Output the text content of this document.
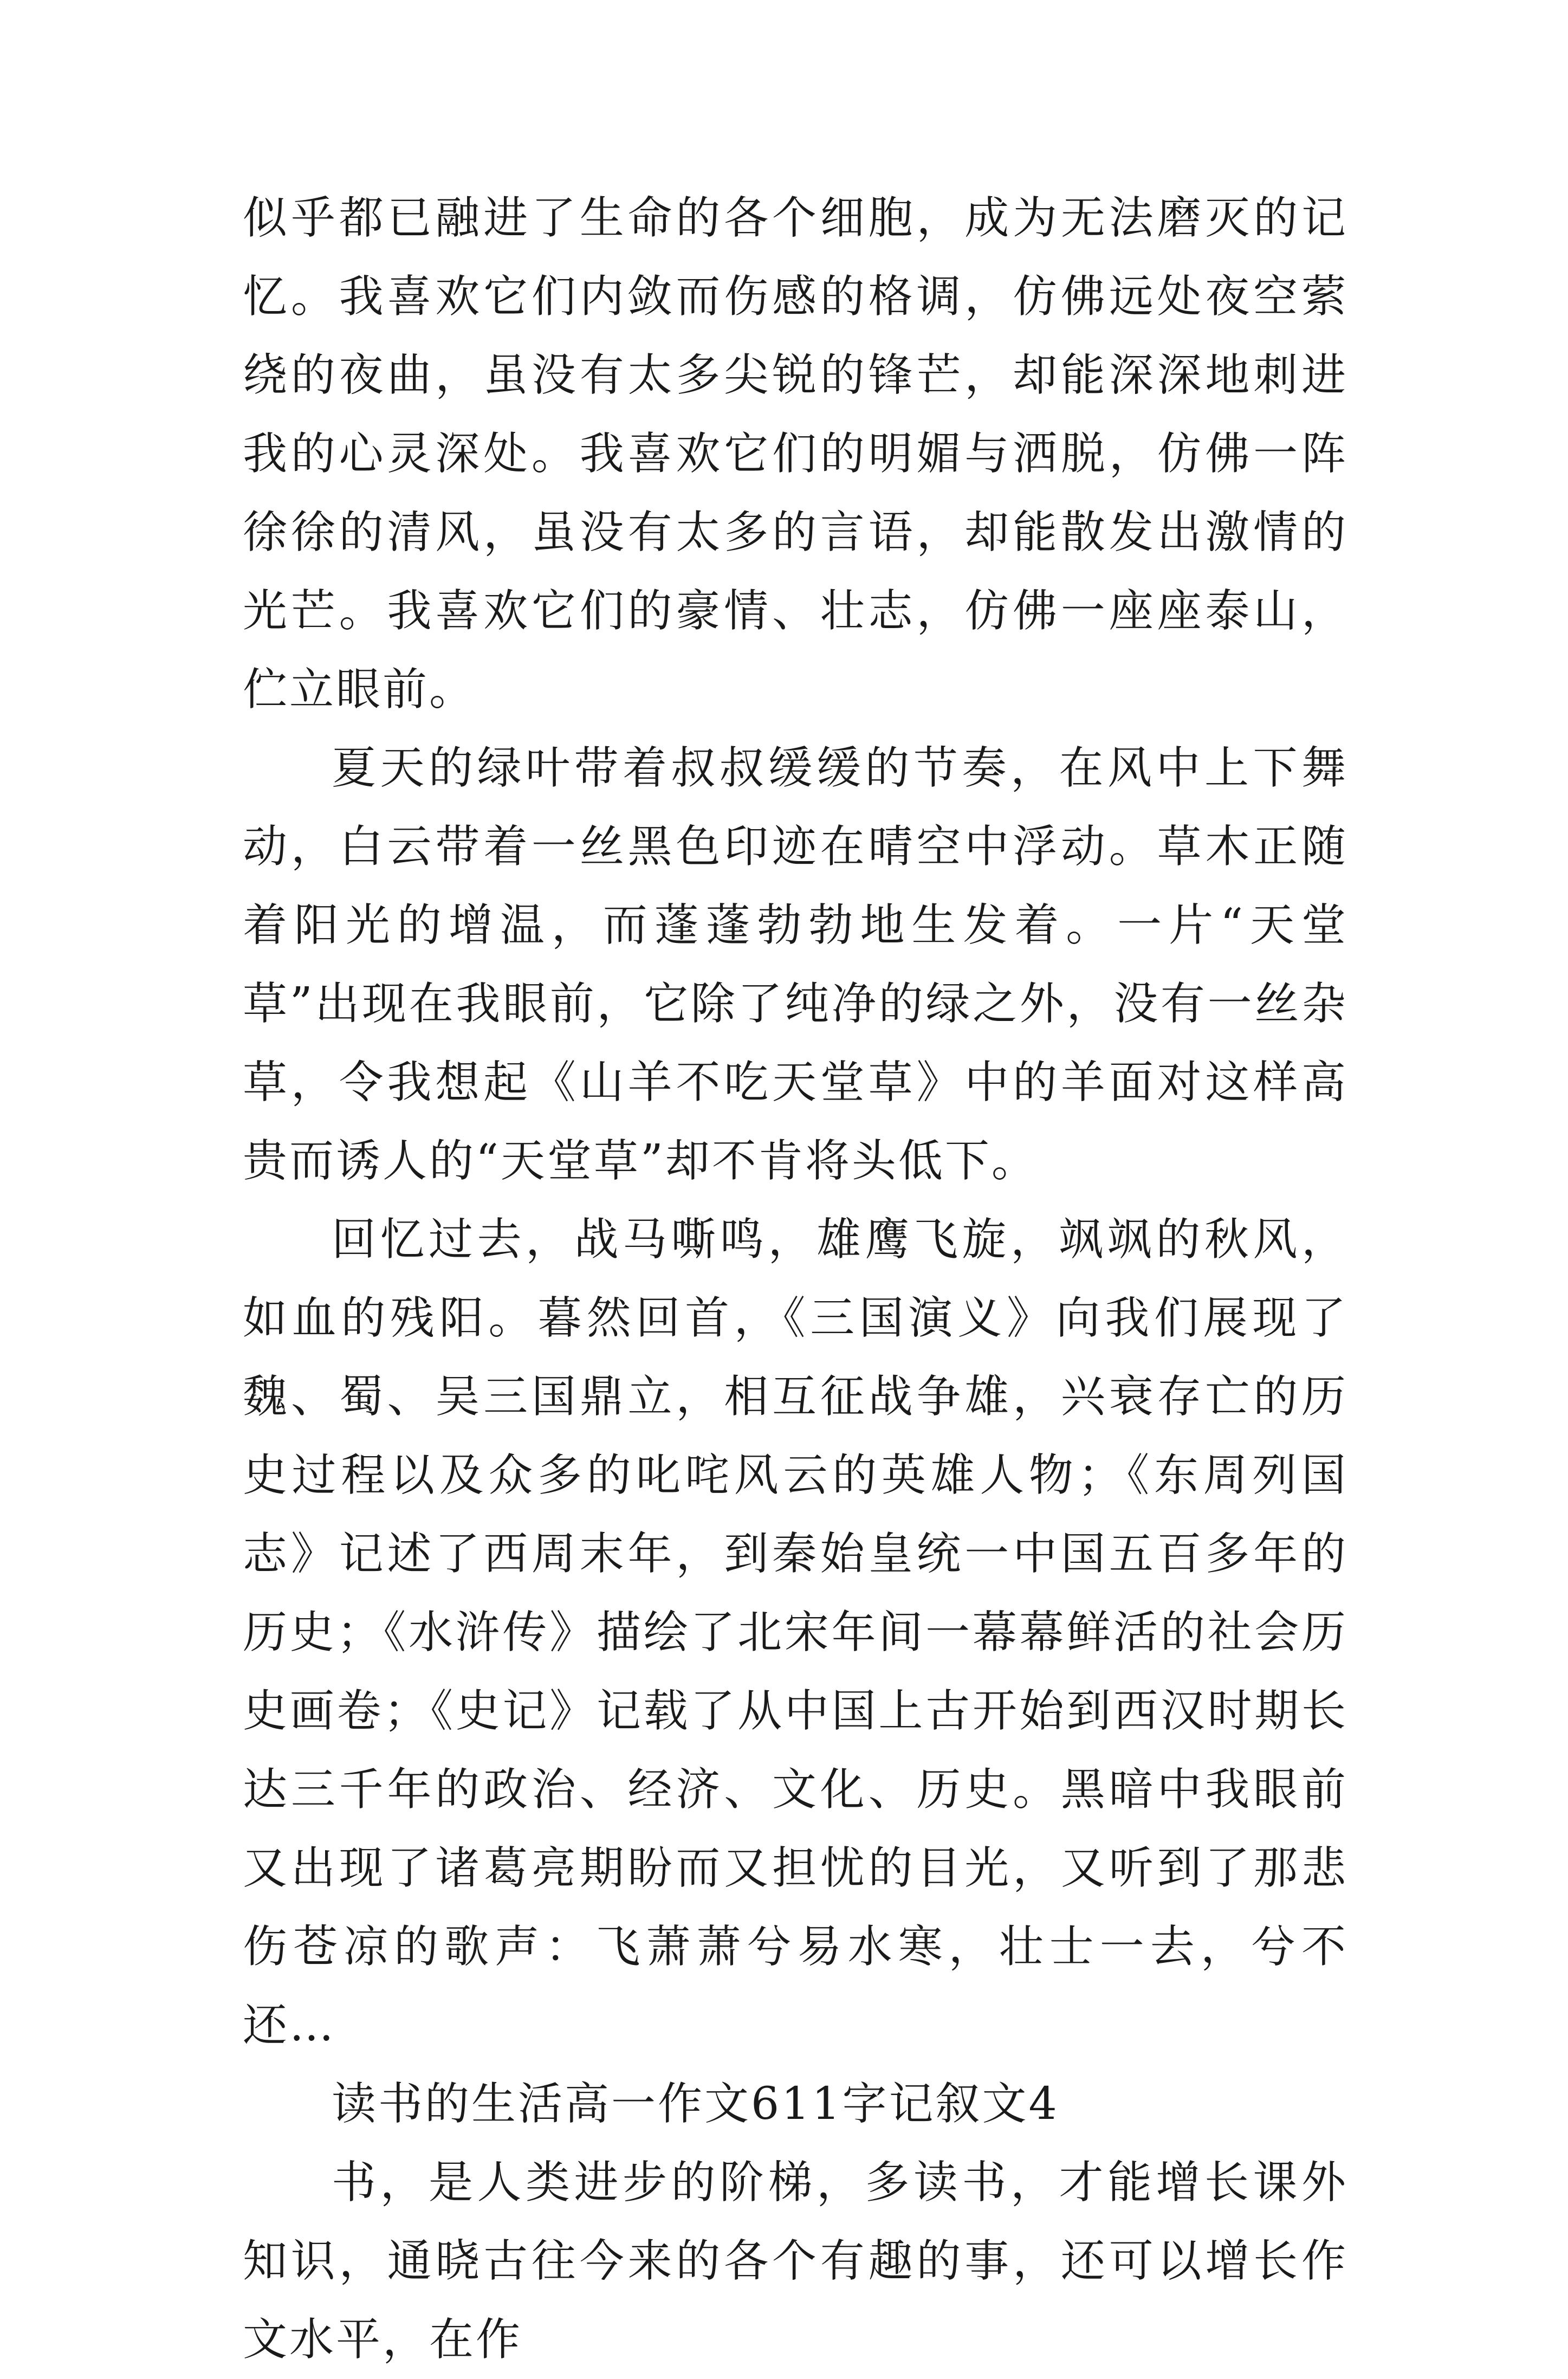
似乎都已融进了生命的各个细胞，成为无法磨灭的记忆。我喜欢它们内敛而伤感的格调，仿佛远处夜空萦绕的夜曲，虽没有太多尖锐的锋芒，却能深深地刺进我的心灵深处。我喜欢它们的明媚与洒脱，仿佛一阵徐徐的清风，虽没有太多的言语，却能散发出激情的光芒。我喜欢它们的豪情、壮志，仿佛一座座泰山，伫立眼前。

夏天的绿叶带着叔叔缓缓的节奏，在风中上下舞动，白云带着一丝黑色印迹在晴空中浮动。草木正随着阳光的增温，而蓬蓬勃勃地生发着。一片“天堂草”出现在我眼前，它除了纯净的绿之外，没有一丝杂草，令我想起《山羊不吃天堂草》中的羊面对这样高贵而诱人的“天堂草”却不肯将头低下。

回忆过去，战马嘶鸣，雄鹰飞旋，飒飒的秋风，如血的残阳。暮然回首，《三国演义》向我们展现了魏、蜀、吴三国鼎立，相互征战争雄，兴衰存亡的历史过程以及众多的叱咤风云的英雄人物；《东周列国志》记述了西周末年，到秦始皇统一中国五百多年的历史；《水浒传》描绘了北宋年间一幕幕鲜活的社会历史画卷；《史记》记载了从中国上古开始到西汉时期长达三千年的政治、经济、文化、历史。黑暗中我眼前又出现了诸葛亮期盼而又担忧的目光，又听到了那悲伤苍凉的歌声：飞萧萧兮易水寒，壮士一去，兮不还…

读书的生活高一作文611字记叙文4

书，是人类进步的阶梯，多读书，才能增长课外知识，通晓古往今来的各个有趣的事，还可以增长作文水平，在作
